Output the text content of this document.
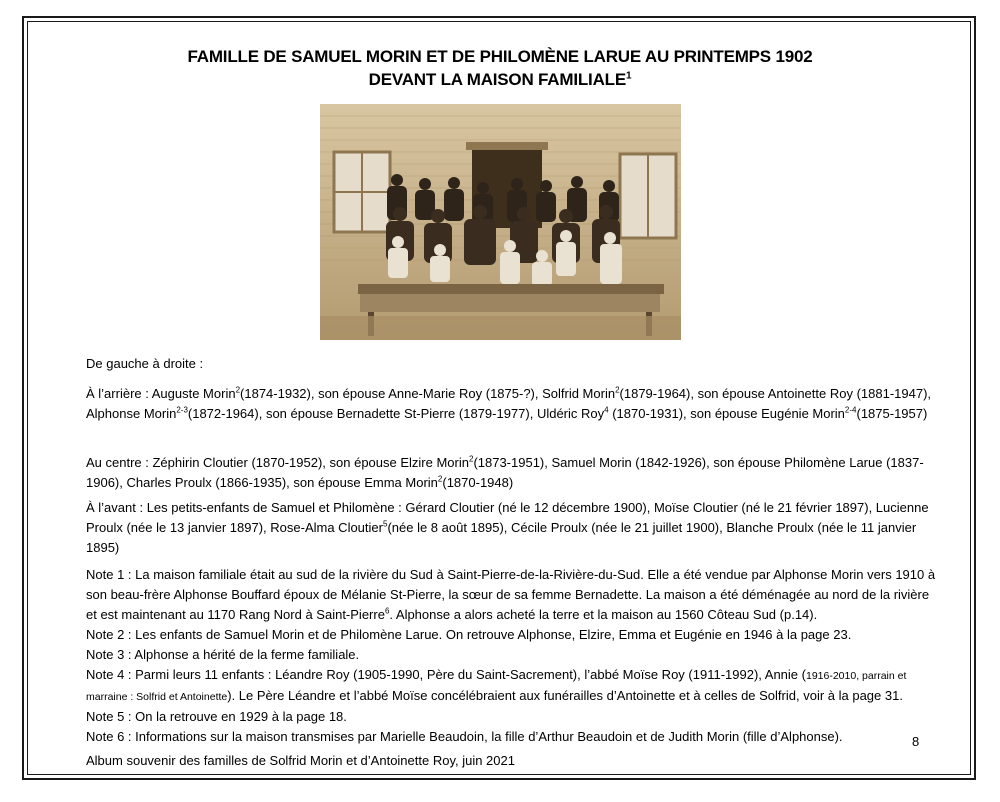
FAMILLE DE SAMUEL MORIN ET DE PHILOMÈNE LARUE AU PRINTEMPS 1902
DEVANT LA MAISON FAMILIALE$^1$
De gauche à droite :
À l’arrière : Auguste Morin$^2$(1874-1932), son épouse Anne-Marie Roy (1875-?), Solfrid Morin$^2$(1879-1964), son épouse Antoinette Roy (1881-1947), Alphonse Morin$^{2-3}$(1872-1964), son épouse Bernadette St-Pierre (1879-1977), Uldéric Roy$^4$ (1870-1931), son épouse Eugénie Morin$^{2-4}$(1875-1957)
Au centre : Zéphirin Cloutier (1870-1952), son épouse Elzire Morin$^2$(1873-1951), Samuel Morin (1842-1926), son épouse Philomène Larue (1837-1906), Charles Proulx (1866-1935), son épouse Emma Morin$^2$(1870-1948)
À l’avant : Les petits-enfants de Samuel et Philomène : Gérard Cloutier (né le 12 décembre 1900), Moïse Cloutier (né le 21 février 1897), Lucienne Proulx (née le 13 janvier 1897), Rose-Alma Cloutier$^5$(née le 8 août 1895), Cécile Proulx (née le 21 juillet 1900), Blanche Proulx (née le 11 janvier 1895)
Note 1 : La maison familiale était au sud de la rivière du Sud à Saint-Pierre-de-la-Rivière-du-Sud. Elle a été vendue par Alphonse Morin vers 1910 à son beau-frère Alphonse Bouffard époux de Mélanie St-Pierre, la sœur de sa femme Bernadette. La maison a été déménagée au nord de la rivière et est maintenant au 1170 Rang Nord à Saint-Pierre$^6$. Alphonse a alors acheté la terre et la maison au 1560 Côteau Sud (p.14).
Note 2 : Les enfants de Samuel Morin et de Philomène Larue. On retrouve Alphonse, Elzire, Emma et Eugénie en 1946 à la page 23.
Note 3 : Alphonse a hérité de la ferme familiale.
Note 4 : Parmi leurs 11 enfants : Léandre Roy (1905-1990, Père du Saint-Sacrement), l’abbé Moïse Roy (1911-1992), Annie (1916-2010, parrain et marraine : Solfrid et Antoinette). Le Père Léandre et l’abbé Moïse concélébraient aux funérailles d’Antoinette et à celles de Solfrid, voir à la page 31.
Note 5 : On la retrouve en 1929 à la page 18.
Note 6 : Informations sur la maison transmises par Marielle Beaudoin, la fille d’Arthur Beaudoin et de Judith Morin (fille d’Alphonse).	8
Album souvenir des familles de Solfrid Morin et d’Antoinette Roy, juin 2021
